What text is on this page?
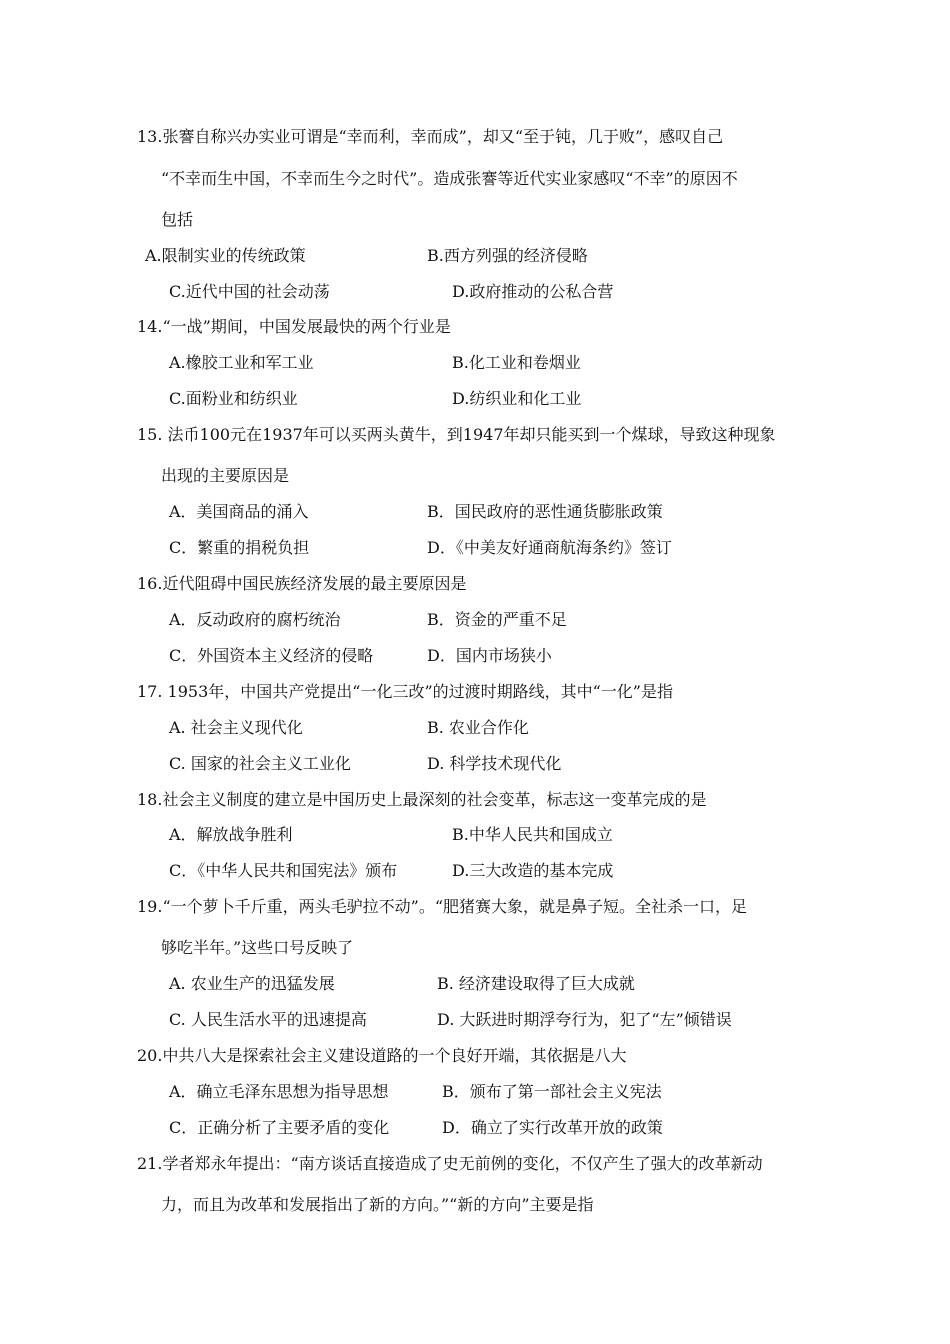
13.张謇自称兴办实业可谓是“幸而利，幸而成”，却又“至于钝，几于败”，感叹自己
“不幸而生中国，不幸而生今之时代”。造成张謇等近代实业家感叹“不幸”的原因不
包括
A.限制实业的传统政策	B.西方列强的经济侵略
C.近代中国的社会动荡	D.政府推动的公私合营
14.“一战”期间，中国发展最快的两个行业是
A.橡胶工业和军工业	B.化工业和卷烟业
C.面粉业和纺织业	D.纺织业和化工业
15. 法币100元在1937年可以买两头黄牛，到1947年却只能买到一个煤球，导致这种现象
出现的主要原因是
A．美国商品的涌入	B．国民政府的恶性通货膨胀政策
C．繁重的捐税负担	D．《中美友好通商航海条约》签订
16.近代阻碍中国民族经济发展的最主要原因是
A．反动政府的腐朽统治	B．资金的严重不足
C．外国资本主义经济的侵略	D．国内市场狭小
17. 1953年，中国共产党提出“一化三改”的过渡时期路线，其中“一化”是指
A. 社会主义现代化	B. 农业合作化
C. 国家的社会主义工业化	D. 科学技术现代化
18.社会主义制度的建立是中国历史上最深刻的社会变革，标志这一变革完成的是
A．解放战争胜利	B.中华人民共和国成立
C．《中华人民共和国宪法》颁布	D.三大改造的基本完成
19.“一个萝卜千斤重，两头毛驴拉不动”。“肥猪赛大象，就是鼻子短。全社杀一口，足
够吃半年。”这些口号反映了
A. 农业生产的迅猛发展	B. 经济建设取得了巨大成就
C. 人民生活水平的迅速提高	D. 大跃进时期浮夸行为，犯了“左”倾错误
20.中共八大是探索社会主义建设道路的一个良好开端，其依据是八大
A．确立毛泽东思想为指导思想	B．颁布了第一部社会主义宪法
C．正确分析了主要矛盾的变化	D．确立了实行改革开放的政策
21.学者郑永年提出：“南方谈话直接造成了史无前例的变化，不仅产生了强大的改革新动
力，而且为改革和发展指出了新的方向。”“新的方向”主要是指
